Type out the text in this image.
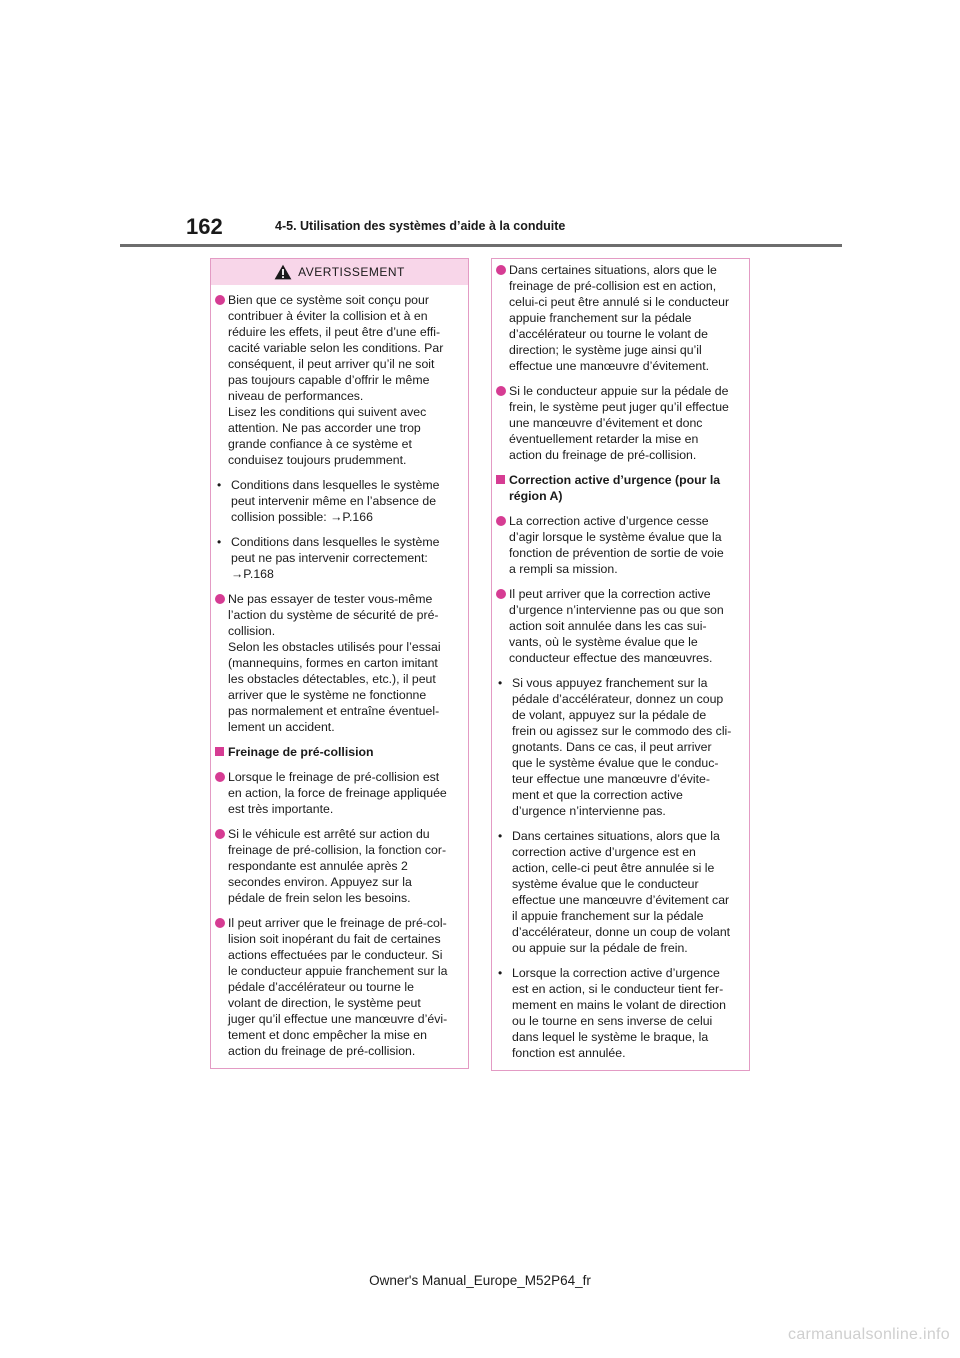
162	4-5. Utilisation des systèmes d’aide à la conduite
AVERTISSEMENT
Bien que ce système soit conçu pour
contribuer à éviter la collision et à en
réduire les effets, il peut être d’une effi-
cacité variable selon les conditions. Par
conséquent, il peut arriver qu’il ne soit
pas toujours capable d’offrir le même
niveau de performances.
Lisez les conditions qui suivent avec
attention. Ne pas accorder une trop
grande confiance à ce système et
conduisez toujours prudemment.
• Conditions dans lesquelles le système
peut intervenir même en l’absence de
collision possible: →P.166
• Conditions dans lesquelles le système
peut ne pas intervenir correctement:
→P.168
Ne pas essayer de tester vous-même
l’action du système de sécurité de pré-
collision.
Selon les obstacles utilisés pour l’essai
(mannequins, formes en carton imitant
les obstacles détectables, etc.), il peut
arriver que le système ne fonctionne
pas normalement et entraîne éventuel-
lement un accident.
Freinage de pré-collision
Lorsque le freinage de pré-collision est
en action, la force de freinage appliquée
est très importante.
Si le véhicule est arrêté sur action du
freinage de pré-collision, la fonction cor-
respondante est annulée après 2
secondes environ. Appuyez sur la
pédale de frein selon les besoins.
Il peut arriver que le freinage de pré-col-
lision soit inopérant du fait de certaines
actions effectuées par le conducteur. Si
le conducteur appuie franchement sur la
pédale d’accélérateur ou tourne le
volant de direction, le système peut
juger qu’il effectue une manœuvre d’évi-
tement et donc empêcher la mise en
action du freinage de pré-collision.
Dans certaines situations, alors que le
freinage de pré-collision est en action,
celui-ci peut être annulé si le conducteur
appuie franchement sur la pédale
d’accélérateur ou tourne le volant de
direction; le système juge ainsi qu’il
effectue une manœuvre d’évitement.
Si le conducteur appuie sur la pédale de
frein, le système peut juger qu’il effectue
une manœuvre d’évitement et donc
éventuellement retarder la mise en
action du freinage de pré-collision.
Correction active d’urgence (pour la
région A)
La correction active d’urgence cesse
d’agir lorsque le système évalue que la
fonction de prévention de sortie de voie
a rempli sa mission.
Il peut arriver que la correction active
d’urgence n’intervienne pas ou que son
action soit annulée dans les cas sui-
vants, où le système évalue que le
conducteur effectue des manœuvres.
• Si vous appuyez franchement sur la
pédale d’accélérateur, donnez un coup
de volant, appuyez sur la pédale de
frein ou agissez sur le commodo des cli-
gnotants. Dans ce cas, il peut arriver
que le système évalue que le conduc-
teur effectue une manœuvre d’évite-
ment et que la correction active
d’urgence n’intervienne pas.
• Dans certaines situations, alors que la
correction active d’urgence est en
action, celle-ci peut être annulée si le
système évalue que le conducteur
effectue une manœuvre d’évitement car
il appuie franchement sur la pédale
d’accélérateur, donne un coup de volant
ou appuie sur la pédale de frein.
• Lorsque la correction active d’urgence
est en action, si le conducteur tient fer-
mement en mains le volant de direction
ou le tourne en sens inverse de celui
dans lequel le système le braque, la
fonction est annulée.
Owner's Manual_Europe_M52P64_fr
carmanualsonline.info
